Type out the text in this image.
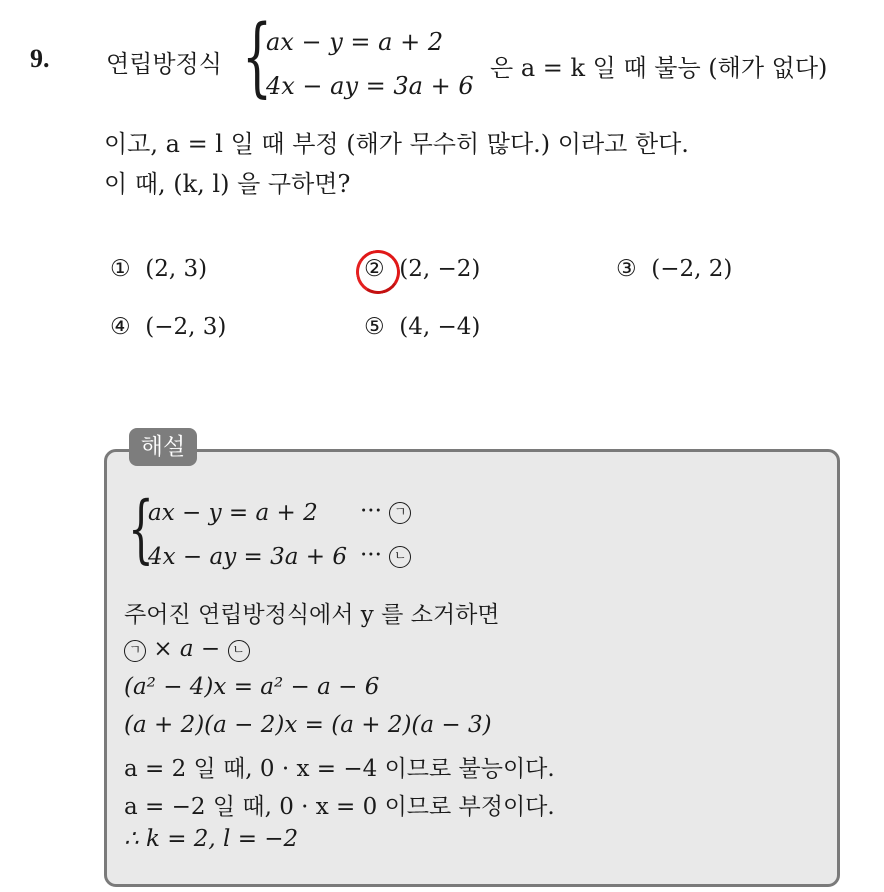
9. 연립방정식 {
ax − y = a + 2
4x − ay = 3a + 6
은 a = k 일 때 불능 (해가 없다)
이고, a = l 일 때 부정 (해가 무수히 많다.) 이라고 한다.
이 때, (k, l) 을 구하면?
① (2, 3)	② (2, −2)	③ (−2, 2)
④ (−2, 3)	⑤ (4, −4)
해설
{
ax − y = a + 2 ··· ㄱ
4x − ay = 3a + 6 ··· ㄴ
주어진 연립방정식에서 y 를 소거하면
ㄱ × a − ㄴ
(a² − 4)x = a² − a − 6
(a + 2)(a − 2)x = (a + 2)(a − 3)
a = 2 일 때, 0 · x = −4 이므로 불능이다.
a = −2 일 때, 0 · x = 0 이므로 부정이다.
∴ k = 2, l = −2
